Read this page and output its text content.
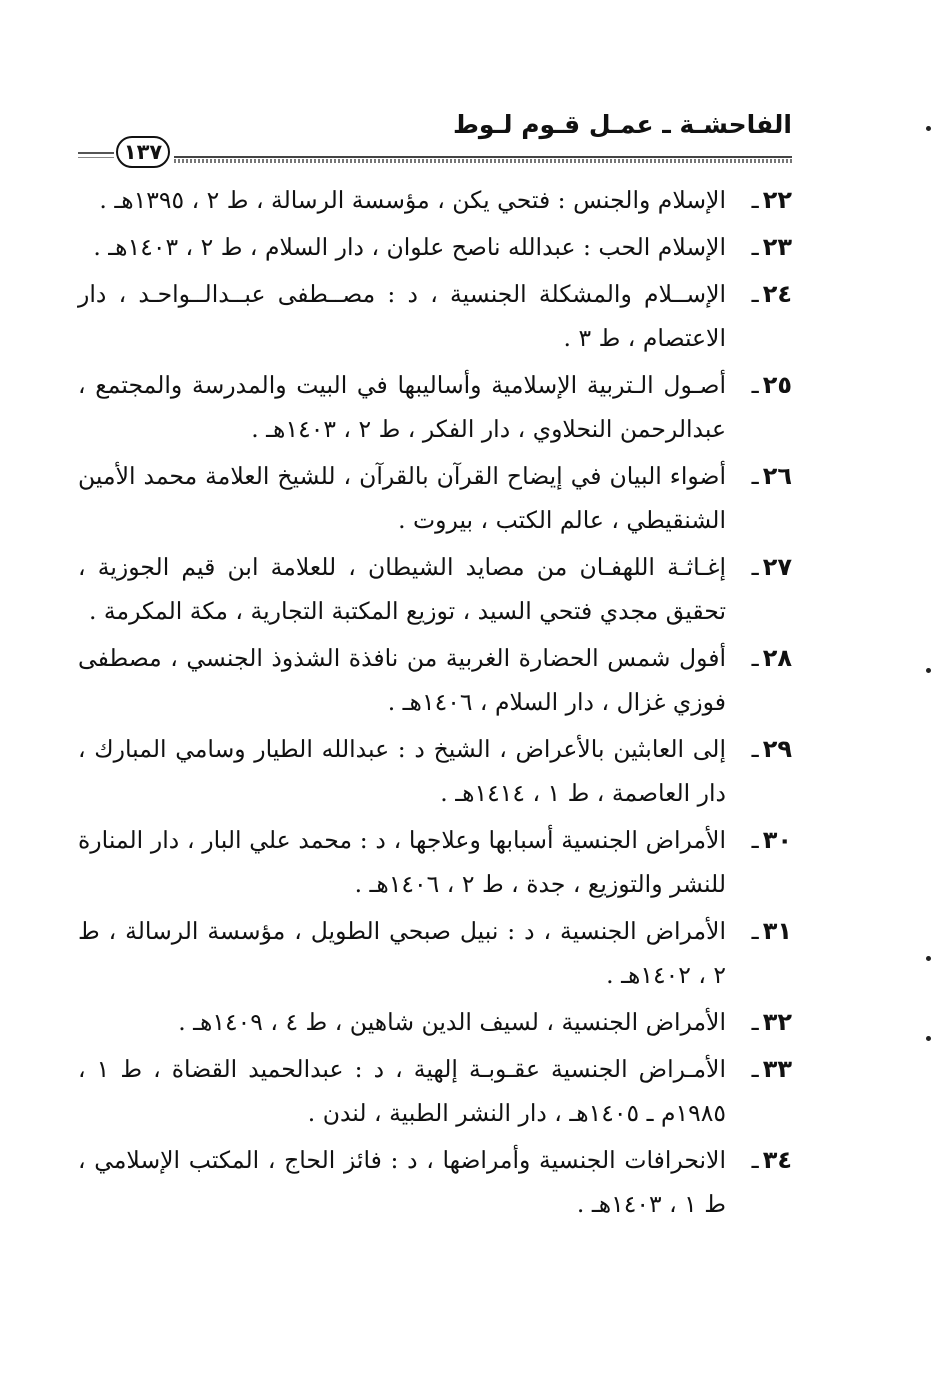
الفاحشـة ـ عمـل قـوم لـوط
١٣٧
٢٢ـ
الإسلام والجنس : فتحي يكن ، مؤسسة الرسالة ، ط ٢ ، ١٣٩٥هـ .
٢٣ـ
الإسلام الحب : عبدالله ناصح علوان ، دار السلام ، ط ٢ ، ١٤٠٣هـ .
٢٤ـ
الإســلام والمشكلة الجنسية ، د : مصــطفى عبــدالــواحـد ، دار الاعتصام ، ط ٣ .
٢٥ـ
أصـول الـتربية الإسلامية وأساليبها في البيت والمدرسة والمجتمع ، عبدالرحمن النحلاوي ، دار الفكر ، ط ٢ ، ١٤٠٣هـ .
٢٦ـ
أضواء البيان في إيضاح القرآن بالقرآن ، للشيخ العلامة محمد الأمين الشنقيطي ، عالم الكتب ، بيروت .
٢٧ـ
إغـاثـة اللهفـان من مصايد الشيطان ، للعلامة ابن قيم الجوزية ، تحقيق مجدي فتحي السيد ، توزيع المكتبة التجارية ، مكة المكرمة .
٢٨ـ
أفول شمس الحضارة الغربية من نافذة الشذوذ الجنسي ، مصطفى فوزي غزال ، دار السلام ، ١٤٠٦هـ .
٢٩ـ
إلى العابثين بالأعراض ، الشيخ د : عبدالله الطيار وسامي المبارك ، دار العاصمة ، ط ١ ، ١٤١٤هـ .
٣٠ـ
الأمراض الجنسية أسبابها وعلاجها ، د : محمد علي البار ، دار المنارة للنشر والتوزيع ، جدة ، ط ٢ ، ١٤٠٦هـ .
٣١ـ
الأمراض الجنسية ، د : نبيل صبحي الطويل ، مؤسسة الرسالة ، ط ٢ ، ١٤٠٢هـ .
٣٢ـ
الأمراض الجنسية ، لسيف الدين شاهين ، ط ٤ ، ١٤٠٩هـ .
٣٣ـ
الأمـراض الجنسية عقـوبـة إلهية ، د : عبدالحميد القضاة ، ط ١ ، ١٩٨٥م ـ ١٤٠٥هـ ، دار النشر الطبية ، لندن .
٣٤ـ
الانحرافات الجنسية وأمراضها ، د : فائز الحاج ، المكتب الإسلامي ، ط ١ ، ١٤٠٣هـ .
